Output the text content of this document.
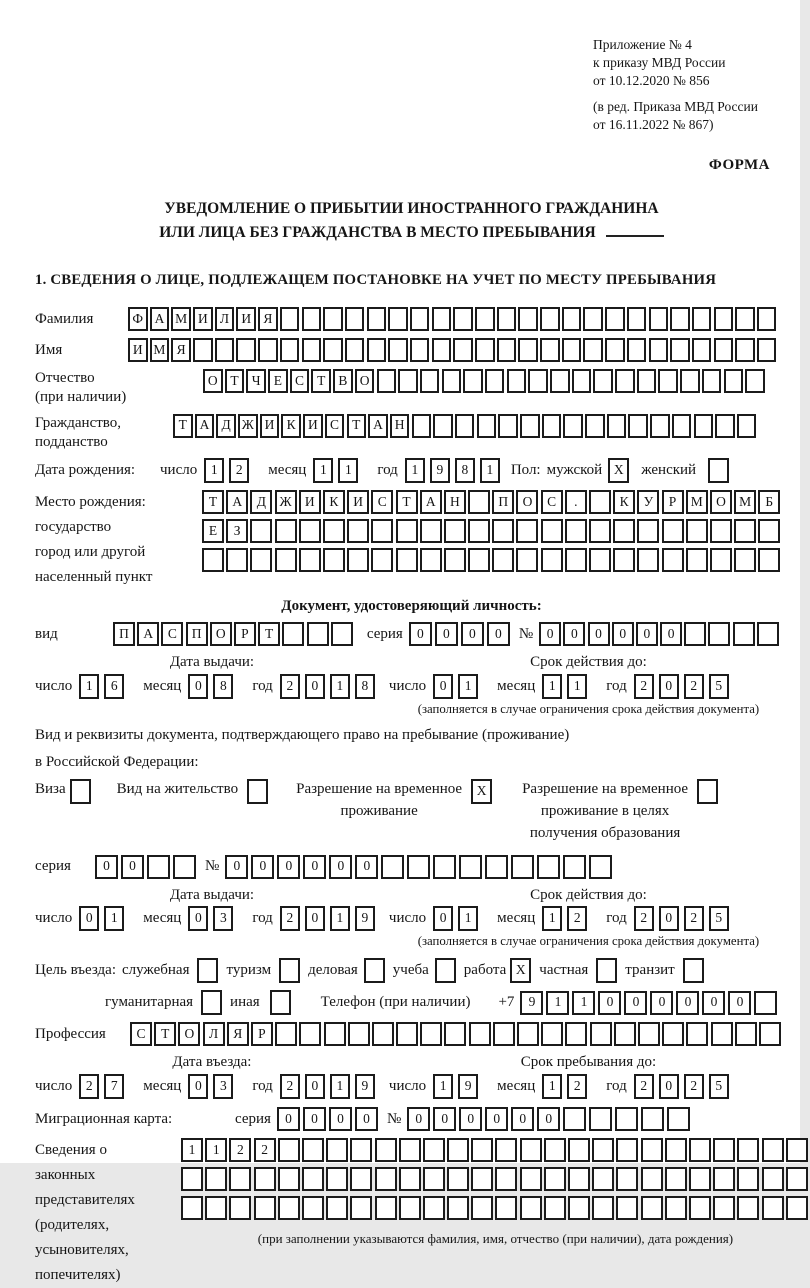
Приложение № 4
к приказу МВД России
от 10.12.2020 № 856
(в ред. Приказа МВД России
от 16.11.2022 № 867)
ФОРМА
УВЕДОМЛЕНИЕ О ПРИБЫТИИ ИНОСТРАННОГО ГРАЖДАНИНА
ИЛИ ЛИЦА БЕЗ ГРАЖДАНСТВА В МЕСТО ПРЕБЫВАНИЯ
1. СВЕДЕНИЯ О ЛИЦЕ, ПОДЛЕЖАЩЕМ ПОСТАНОВКЕ НА УЧЕТ ПО МЕСТУ ПРЕБЫВАНИЯ
Фамилия	Ф А М И Л И Я
Имя	И М Я
Отчество
(при наличии)
О Т Ч Е С Т В О
Гражданство,
подданство
Т А Д Ж И К И С Т А Н
Дата рождения:	число	1	2	месяц	1	1	год	1	9	8	1	Пол: мужской X	женский
Место рождения:
государство
город или другой
населенный пункт
Т	А	Д	Ж И	К	И	С	Т	А	Н	П	О	С	.	К	У	Р	М О М	Б
Е	З
Документ, удостоверяющий личность:
вид	П	А	С	П	О	Р	Т	серия	0	0	0	0	№	0	0	0	0	0	0
Дата выдачи:
число	1	6	месяц	0	8	год	2	0	1	8
Срок действия до:
число	0	1	месяц	1	1	год	2	0	2	5
(заполняется в случае ограничения срока действия документа)
Вид и реквизиты документа, подтверждающего право на пребывание (проживание)
в Российской Федерации:
Виза	Вид на жительство	Разрешение на временное
проживание
X	Разрешение на временное
проживание в целях
получения образования
серия	0	0	№	0	0	0	0	0	0
Дата выдачи:
число	0	1	месяц	0	3	год	2	0	1	9
Срок действия до:
число	0	1	месяц	1	2	год	2	0	2	5
(заполняется в случае ограничения срока действия документа)
Цель въезда: служебная туризм деловая учеба работа X частная транзит
гуманитарная иная	Телефон (при наличии) +7	9	1	1	0	0	0	0	0	0
Профессия	С	Т	О	Л	Я	Р
Дата въезда:
число	2	7	месяц	0	3	год	2	0	1	9
Срок пребывания до:
число	1	9	месяц	1	2	год	2	0	2	5
Миграционная карта:	серия	0	0	0	0	№	0	0	0	0	0	0
Сведения о
законных
представителях
(родителях,
усыновителях,
попечителях)
1	1	2	2
(при заполнении указываются фамилия, имя, отчество (при наличии), дата рождения)
